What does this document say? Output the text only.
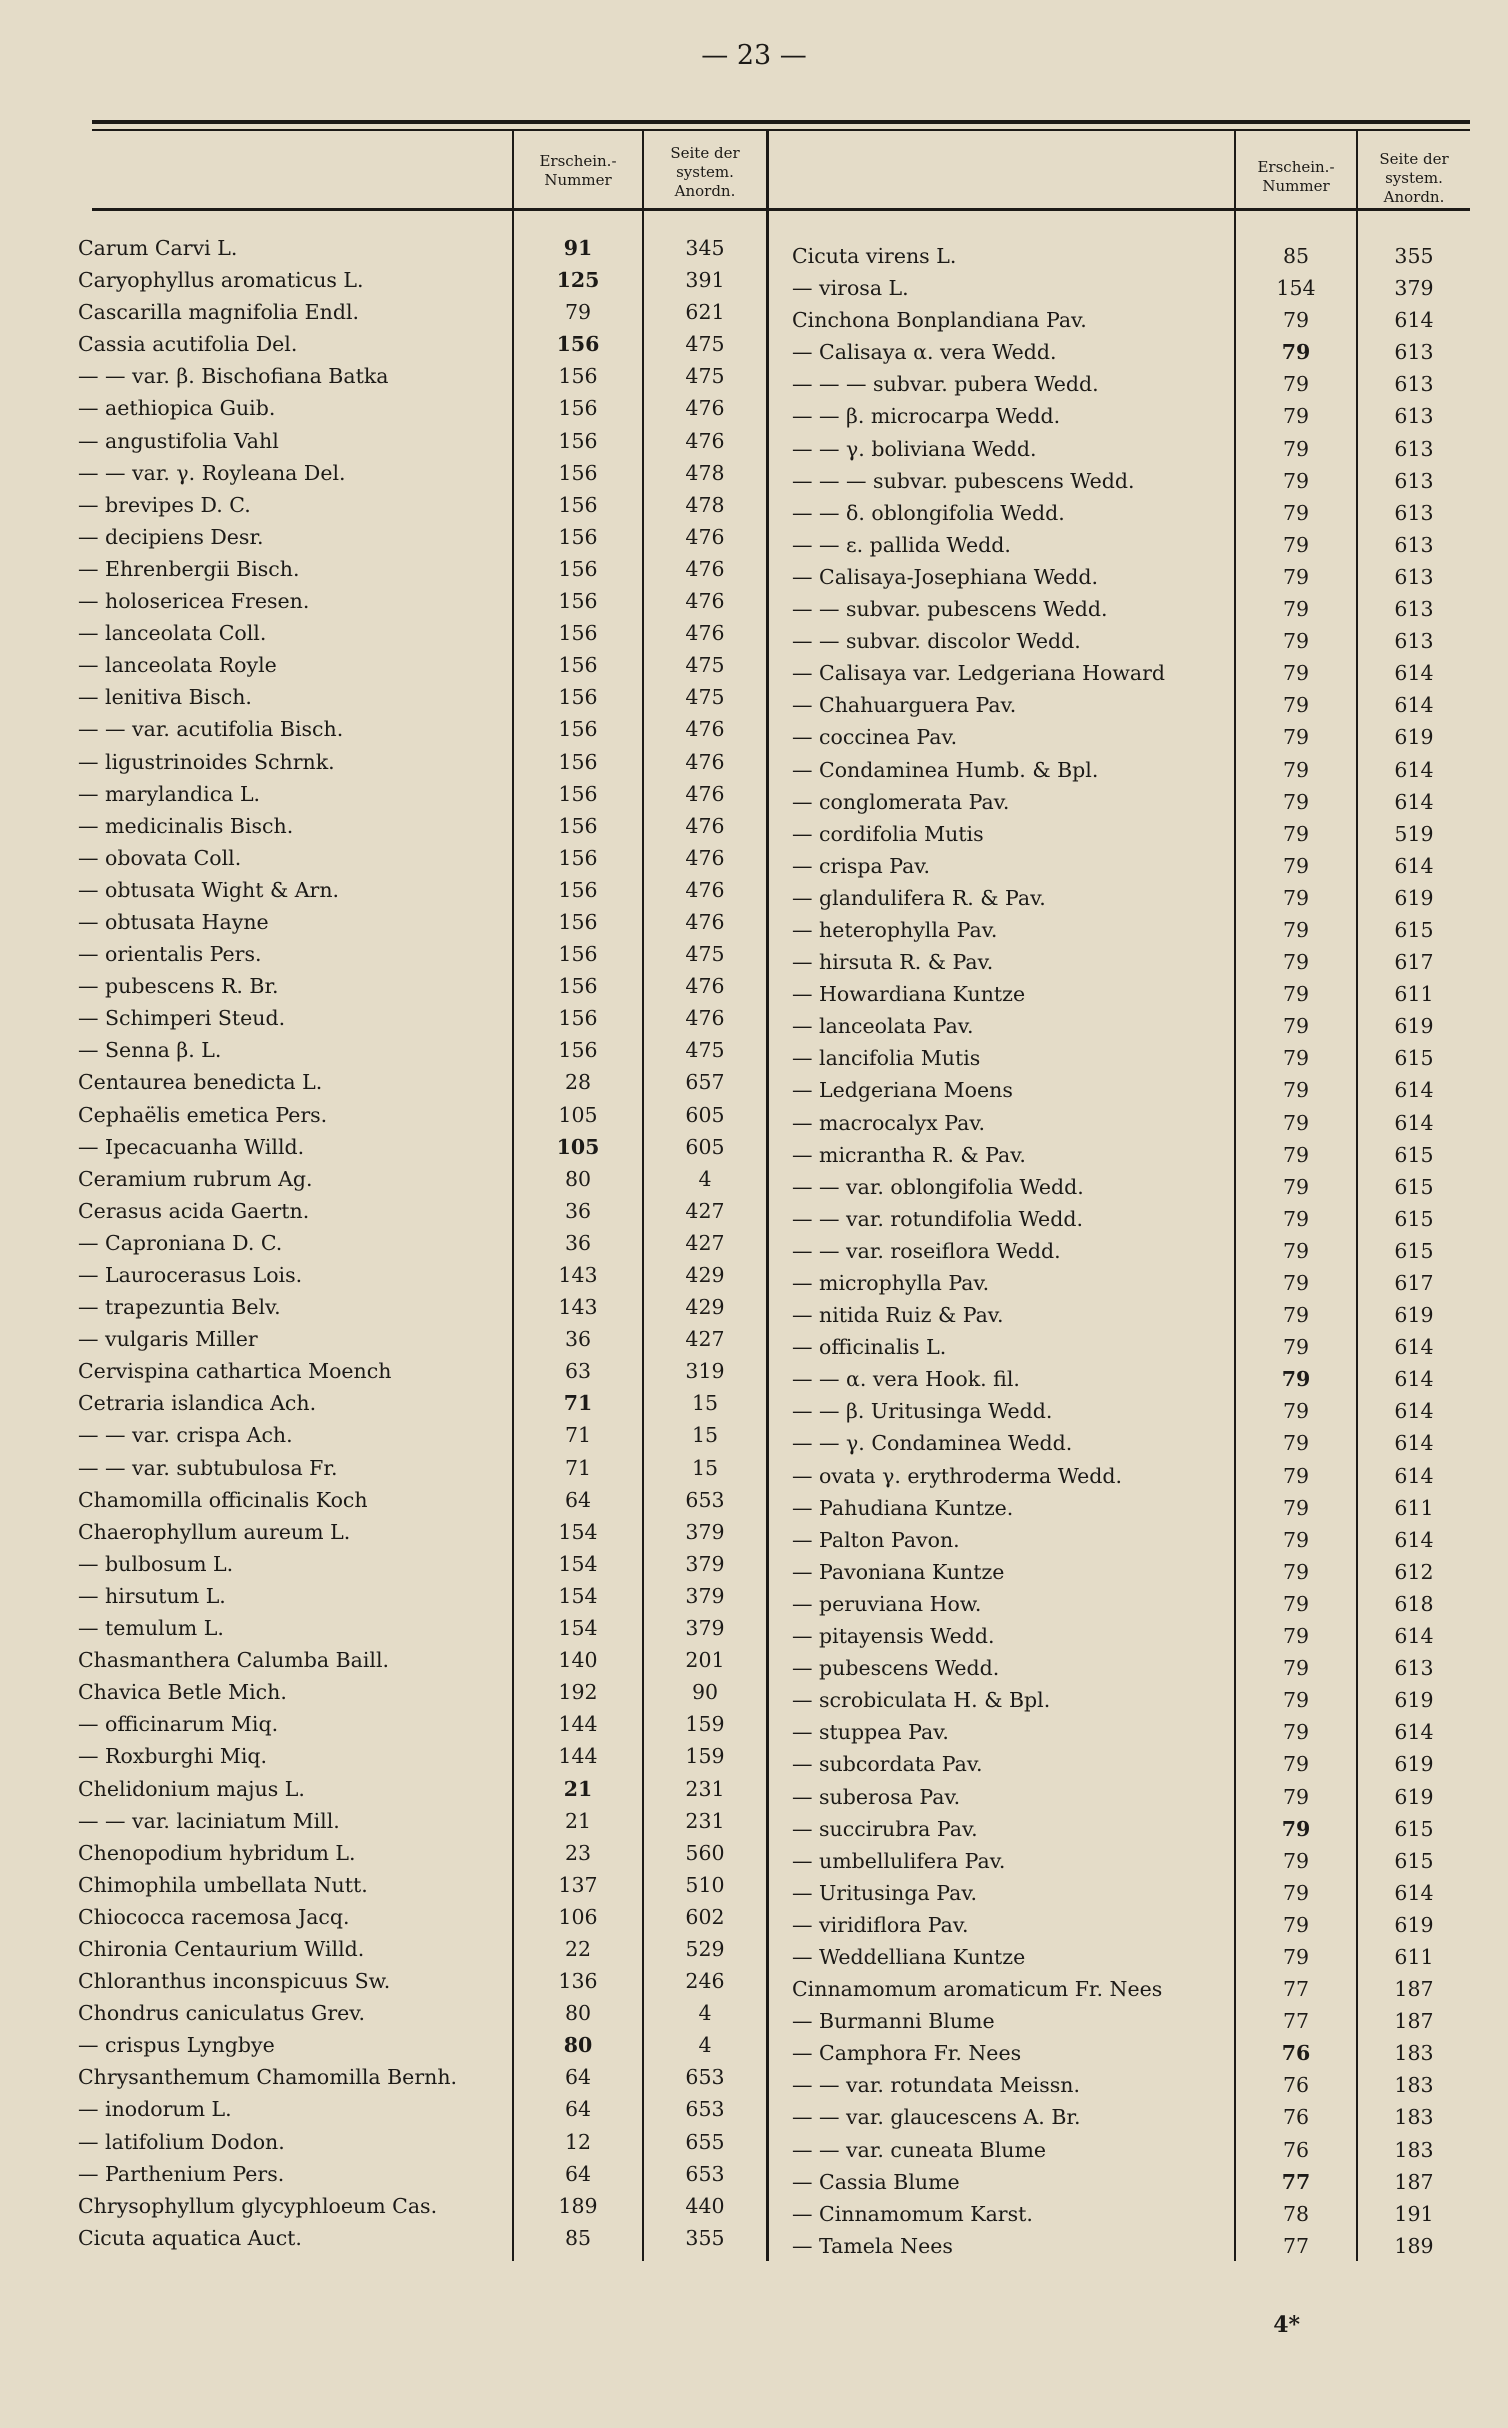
— 23 —
Erschein.-
Nummer
Seite der
system.
Anordn.
Erschein.-
Nummer
Seite der
system.
Anordn.
Carum Carvi L.	91	345
Caryophyllus aromaticus L.	125	391
Cascarilla magnifolia Endl.	79	621
Cassia acutifolia Del.	156	475
— — var. β. Bischofiana Batka	156	475
— aethiopica Guib.	156	476
— angustifolia Vahl	156	476
— — var. γ. Royleana Del.	156	478
— brevipes D. C.	156	478
— decipiens Desr.	156	476
— Ehrenbergii Bisch.	156	476
— holosericea Fresen.	156	476
— lanceolata Coll.	156	476
— lanceolata Royle	156	475
— lenitiva Bisch.	156	475
— — var. acutifolia Bisch.	156	476
— ligustrinoides Schrnk.	156	476
— marylandica L.	156	476
— medicinalis Bisch.	156	476
— obovata Coll.	156	476
— obtusata Wight & Arn.	156	476
— obtusata Hayne	156	476
— orientalis Pers.	156	475
— pubescens R. Br.	156	476
— Schimperi Steud.	156	476
— Senna β. L.	156	475
Centaurea benedicta L.	28	657
Cephaëlis emetica Pers.	105	605
— Ipecacuanha Willd.	105	605
Ceramium rubrum Ag.	80	4
Cerasus acida Gaertn.	36	427
— Caproniana D. C.	36	427
— Laurocerasus Lois.	143	429
— trapezuntia Belv.	143	429
— vulgaris Miller	36	427
Cervispina cathartica Moench	63	319
Cetraria islandica Ach.	71	15
— — var. crispa Ach.	71	15
— — var. subtubulosa Fr.	71	15
Chamomilla officinalis Koch	64	653
Chaerophyllum aureum L.	154	379
— bulbosum L.	154	379
— hirsutum L.	154	379
— temulum L.	154	379
Chasmanthera Calumba Baill.	140	201
Chavica Betle Mich.	192	90
— officinarum Miq.	144	159
— Roxburghi Miq.	144	159
Chelidonium majus L.	21	231
— — var. laciniatum Mill.	21	231
Chenopodium hybridum L.	23	560
Chimophila umbellata Nutt.	137	510
Chiococca racemosa Jacq.	106	602
Chironia Centaurium Willd.	22	529
Chloranthus inconspicuus Sw.	136	246
Chondrus caniculatus Grev.	80	4
— crispus Lyngbye	80	4
Chrysanthemum Chamomilla Bernh.	64	653
— inodorum L.	64	653
— latifolium Dodon.	12	655
— Parthenium Pers.	64	653
Chrysophyllum glycyphloeum Cas.	189	440
Cicuta aquatica Auct.	85	355
Cicuta virens L.	85	355
— virosa L.	154	379
Cinchona Bonplandiana Pav.	79	614
— Calisaya α. vera Wedd.	79	613
— — — subvar. pubera Wedd.	79	613
— — β. microcarpa Wedd.	79	613
— — γ. boliviana Wedd.	79	613
— — — subvar. pubescens Wedd.	79	613
— — δ. oblongifolia Wedd.	79	613
— — ε. pallida Wedd.	79	613
— Calisaya-Josephiana Wedd.	79	613
— — subvar. pubescens Wedd.	79	613
— — subvar. discolor Wedd.	79	613
— Calisaya var. Ledgeriana Howard	79	614
— Chahuarguera Pav.	79	614
— coccinea Pav.	79	619
— Condaminea Humb. & Bpl.	79	614
— conglomerata Pav.	79	614
— cordifolia Mutis	79	519
— crispa Pav.	79	614
— glandulifera R. & Pav.	79	619
— heterophylla Pav.	79	615
— hirsuta R. & Pav.	79	617
— Howardiana Kuntze	79	611
— lanceolata Pav.	79	619
— lancifolia Mutis	79	615
— Ledgeriana Moens	79	614
— macrocalyx Pav.	79	614
— micrantha R. & Pav.	79	615
— — var. oblongifolia Wedd.	79	615
— — var. rotundifolia Wedd.	79	615
— — var. roseiflora Wedd.	79	615
— microphylla Pav.	79	617
— nitida Ruiz & Pav.	79	619
— officinalis L.	79	614
— — α. vera Hook. fil.	79	614
— — β. Uritusinga Wedd.	79	614
— — γ. Condaminea Wedd.	79	614
— ovata γ. erythroderma Wedd.	79	614
— Pahudiana Kuntze.	79	611
— Palton Pavon.	79	614
— Pavoniana Kuntze	79	612
— peruviana How.	79	618
— pitayensis Wedd.	79	614
— pubescens Wedd.	79	613
— scrobiculata H. & Bpl.	79	619
— stuppea Pav.	79	614
— subcordata Pav.	79	619
— suberosa Pav.	79	619
— succirubra Pav.	79	615
— umbellulifera Pav.	79	615
— Uritusinga Pav.	79	614
— viridiflora Pav.	79	619
— Weddelliana Kuntze	79	611
Cinnamomum aromaticum Fr. Nees	77	187
— Burmanni Blume	77	187
— Camphora Fr. Nees	76	183
— — var. rotundata Meissn.	76	183
— — var. glaucescens A. Br.	76	183
— — var. cuneata Blume	76	183
— Cassia Blume	77	187
— Cinnamomum Karst.	78	191
— Tamela Nees	77	189
4*
